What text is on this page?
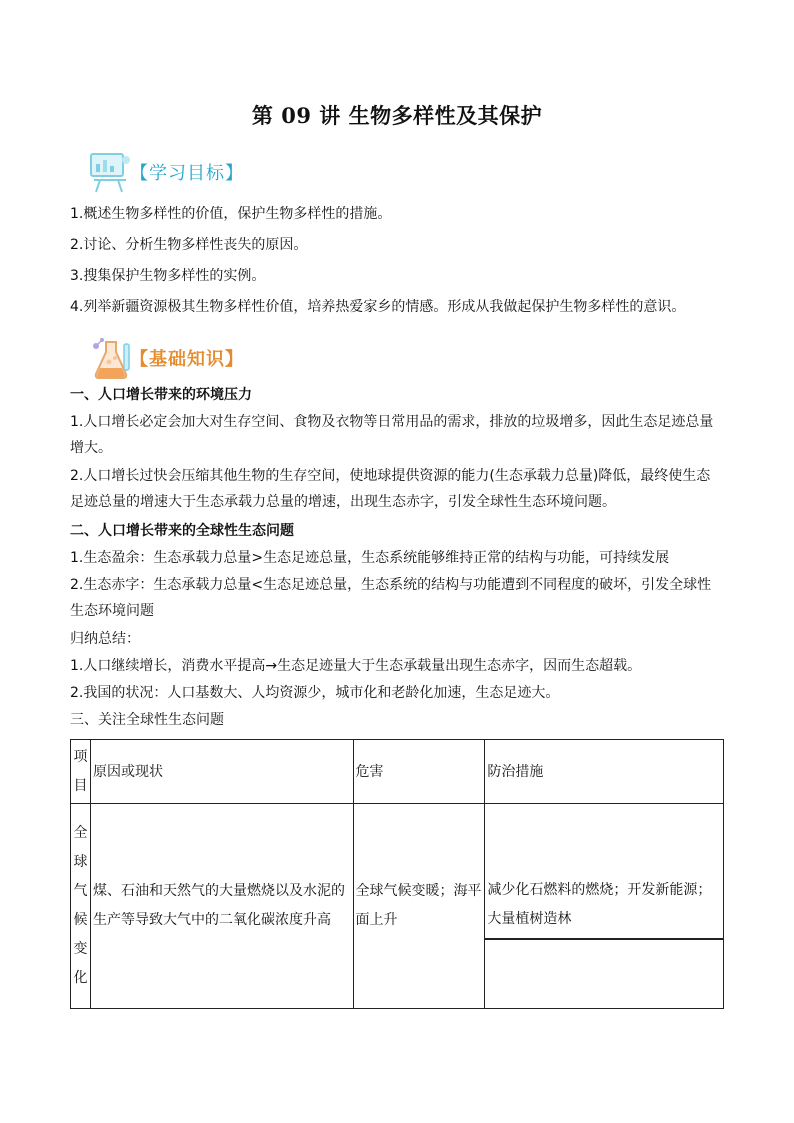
第 09 讲 生物多样性及其保护
【学习目标】

1.概述生物多样性的价值，保护生物多样性的措施。

2.讨论、分析生物多样性丧失的原因。

3.搜集保护生物多样性的实例。

4.列举新疆资源极其生物多样性价值，培养热爱家乡的情感。形成从我做起保护生物多样性的意识。

【基础知识】

一、人口增长带来的环境压力

1.人口增长必定会加大对生存空间、食物及衣物等日常用品的需求，排放的垃圾增多，因此生态足迹总量增大。

2.人口增长过快会压缩其他生物的生存空间，使地球提供资源的能力(生态承载力总量)降低，最终使生态足迹总量的增速大于生态承载力总量的增速，出现生态赤字，引发全球性生态环境问题。

二、人口增长带来的全球性生态问题

1.生态盈余：生态承载力总量>生态足迹总量，生态系统能够维持正常的结构与功能，可持续发展

2.生态赤字：生态承载力总量<生态足迹总量，生态系统的结构与功能遭到不同程度的破坏，引发全球性生态环境问题

归纳总结：

1.人口继续增长，消费水平提高→生态足迹量大于生态承载量出现生态赤字，因而生态超载。

2.我国的状况：人口基数大、人均资源少，城市化和老龄化加速，生态足迹大。

三、关注全球性生态问题

项目	原因或现状	危害	防治措施
全球气候变化	煤、石油和天然气的大量燃烧以及水泥的生产等导致大气中的二氧化碳浓度升高	全球气候变暖；海平面上升	减少化石燃料的燃烧；开发新能源；大量植树造林
